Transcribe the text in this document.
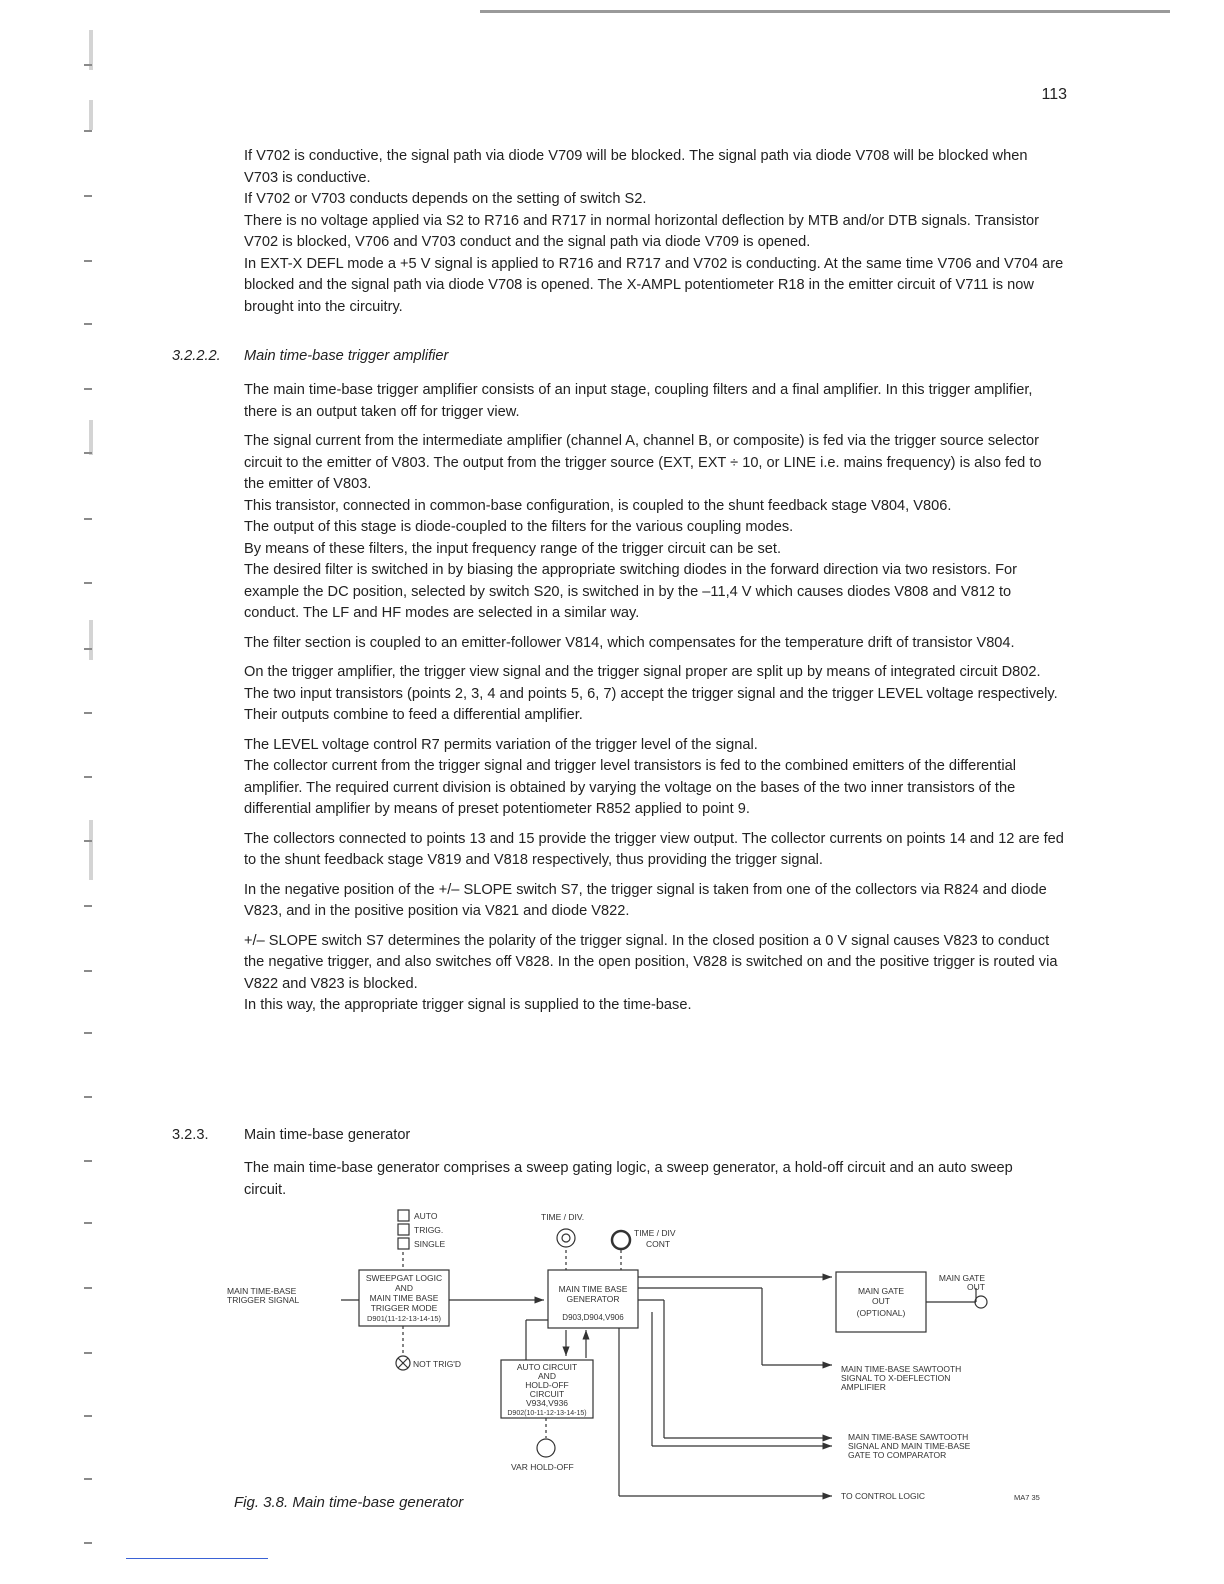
113

If V702 is conductive, the signal path via diode V709 will be blocked. The signal path via diode V708 will be blocked when V703 is conductive.

If V702 or V703 conducts depends on the setting of switch S2.

There is no voltage applied via S2 to R716 and R717 in normal horizontal deflection by MTB and/or DTB signals. Transistor V702 is blocked, V706 and V703 conduct and the signal path via diode V709 is opened.

In EXT-X DEFL mode a +5 V signal is applied to R716 and R717 and V702 is conducting. At the same time V706 and V704 are blocked and the signal path via diode V708 is opened. The X-AMPL potentiometer R18 in the emitter circuit of V711 is now brought into the circuitry.

3.2.2.2. Main time-base trigger amplifier

The main time-base trigger amplifier consists of an input stage, coupling filters and a final amplifier. In this trigger amplifier, there is an output taken off for trigger view.

The signal current from the intermediate amplifier (channel A, channel B, or composite) is fed via the trigger source selector circuit to the emitter of V803. The output from the trigger source (EXT, EXT ÷ 10, or LINE i.e. mains frequency) is also fed to the emitter of V803.

This transistor, connected in common-base configuration, is coupled to the shunt feedback stage V804, V806.

The output of this stage is diode-coupled to the filters for the various coupling modes.

By means of these filters, the input frequency range of the trigger circuit can be set.

The desired filter is switched in by biasing the appropriate switching diodes in the forward direction via two resistors. For example the DC position, selected by switch S20, is switched in by the –11,4 V which causes diodes V808 and V812 to conduct. The LF and HF modes are selected in a similar way.

The filter section is coupled to an emitter-follower V814, which compensates for the temperature drift of transistor V804.

On the trigger amplifier, the trigger view signal and the trigger signal proper are split up by means of integrated circuit D802.

The two input transistors (points 2, 3, 4 and points 5, 6, 7) accept the trigger signal and the trigger LEVEL voltage respectively. Their outputs combine to feed a differential amplifier.

The LEVEL voltage control R7 permits variation of the trigger level of the signal.

The collector current from the trigger signal and trigger level transistors is fed to the combined emitters of the differential amplifier. The required current division is obtained by varying the voltage on the bases of the two inner transistors of the differential amplifier by means of preset potentiometer R852 applied to point 9.

The collectors connected to points 13 and 15 provide the trigger view output. The collector currents on points 14 and 12 are fed to the shunt feedback stage V819 and V818 respectively, thus providing the trigger signal.

In the negative position of the +/– SLOPE switch S7, the trigger signal is taken from one of the collectors via R824 and diode V823, and in the positive position via V821 and diode V822.

+/– SLOPE switch S7 determines the polarity of the trigger signal. In the closed position a 0 V signal causes V823 to conduct the negative trigger, and also switches off V828. In the open position, V828 is switched on and the positive trigger is routed via V822 and V823 is blocked.

In this way, the appropriate trigger signal is supplied to the time-base.

3.2.3. Main time-base generator

The main time-base generator comprises a sweep gating logic, a sweep generator, a hold-off circuit and an auto sweep circuit.

MAIN TIME-BASE
TRIGGER SIGNAL
AUTO
TRIGG.
SINGLE
TIME / DIV.
TIME / DIV
CONT
SWEEPGAT LOGIC
AND
MAIN TIME BASE
TRIGGER MODE
D901(11-12-13-14-15)
MAIN TIME BASE
GENERATOR
D903,D904,V906
MAIN GATE
OUT
(OPTIONAL)
AUTO CIRCUIT
AND
HOLD-OFF
CIRCUIT
V934,V936
D902(10-11-12-13-14-15)
MAIN GATE
OUT
NOT TRIG'D
VAR HOLD-OFF
MAIN TIME-BASE SAWTOOTH
SIGNAL TO X-DEFLECTION
AMPLIFIER
MAIN TIME-BASE SAWTOOTH
SIGNAL AND MAIN TIME-BASE
GATE TO COMPARATOR
TO CONTROL LOGIC	MA7 35
Fig. 3.8. Main time-base generator
